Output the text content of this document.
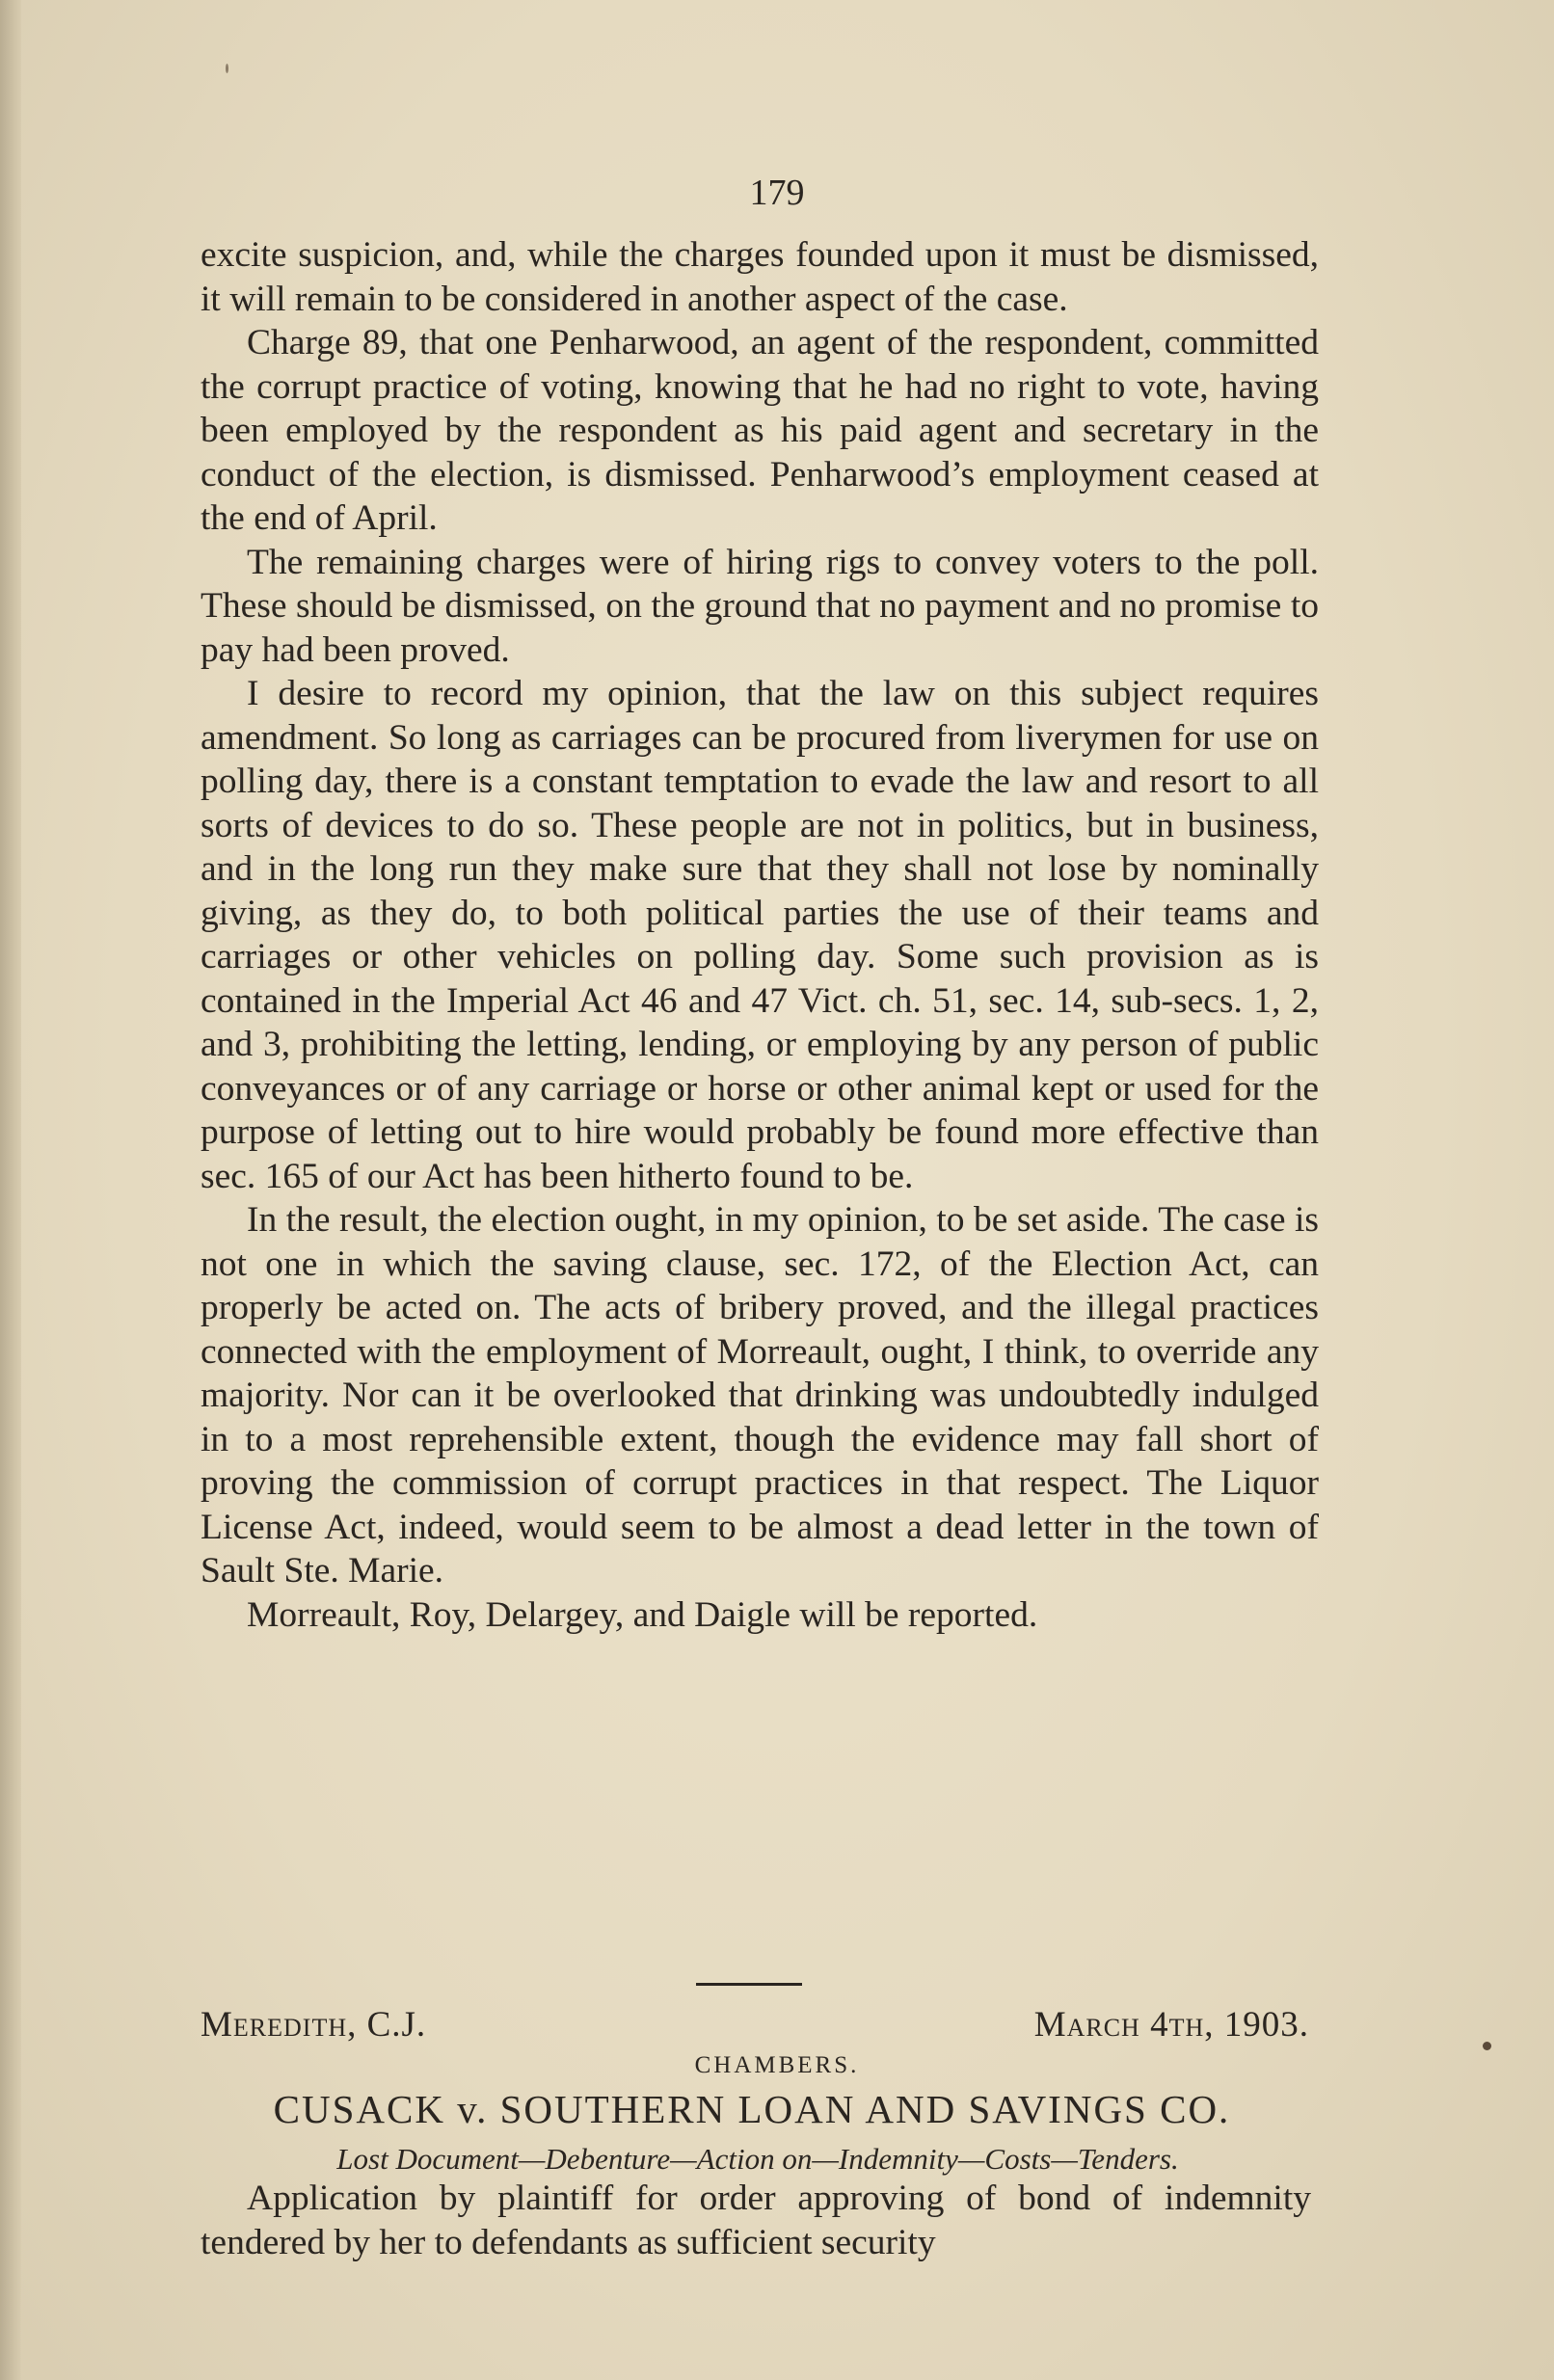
179

excite suspicion, and, while the charges founded upon it must be dismissed, it will remain to be considered in another aspect of the case.

Charge 89, that one Penharwood, an agent of the respondent, committed the corrupt practice of voting, knowing that he had no right to vote, having been employed by the respondent as his paid agent and secretary in the conduct of the election, is dismissed. Penharwood’s employment ceased at the end of April.

The remaining charges were of hiring rigs to convey voters to the poll. These should be dismissed, on the ground that no payment and no promise to pay had been proved.

I desire to record my opinion, that the law on this subject requires amendment. So long as carriages can be procured from liverymen for use on polling day, there is a constant temptation to evade the law and resort to all sorts of devices to do so. These people are not in politics, but in business, and in the long run they make sure that they shall not lose by nominally giving, as they do, to both political parties the use of their teams and carriages or other vehicles on polling day. Some such provision as is contained in the Imperial Act 46 and 47 Vict. ch. 51, sec. 14, sub-secs. 1, 2, and 3, prohibiting the letting, lending, or employing by any person of public conveyances or of any carriage or horse or other animal kept or used for the purpose of letting out to hire would probably be found more effective than sec. 165 of our Act has been hitherto found to be.

In the result, the election ought, in my opinion, to be set aside. The case is not one in which the saving clause, sec. 172, of the Election Act, can properly be acted on. The acts of bribery proved, and the illegal practices connected with the employment of Morreault, ought, I think, to override any majority. Nor can it be overlooked that drinking was undoubtedly indulged in to a most reprehensible extent, though the evidence may fall short of proving the commission of corrupt practices in that respect. The Liquor License Act, indeed, would seem to be almost a dead letter in the town of Sault Ste. Marie.

Morreault, Roy, Delargey, and Daigle will be reported.

Meredith, C.J.	March 4th, 1903.
CHAMBERS.
CUSACK v. SOUTHERN LOAN AND SAVINGS CO.
Lost Document—Debenture—Action on—Indemnity—Costs—Tenders.

Application by plaintiff for order approving of bond of indemnity tendered by her to defendants as sufficient security
